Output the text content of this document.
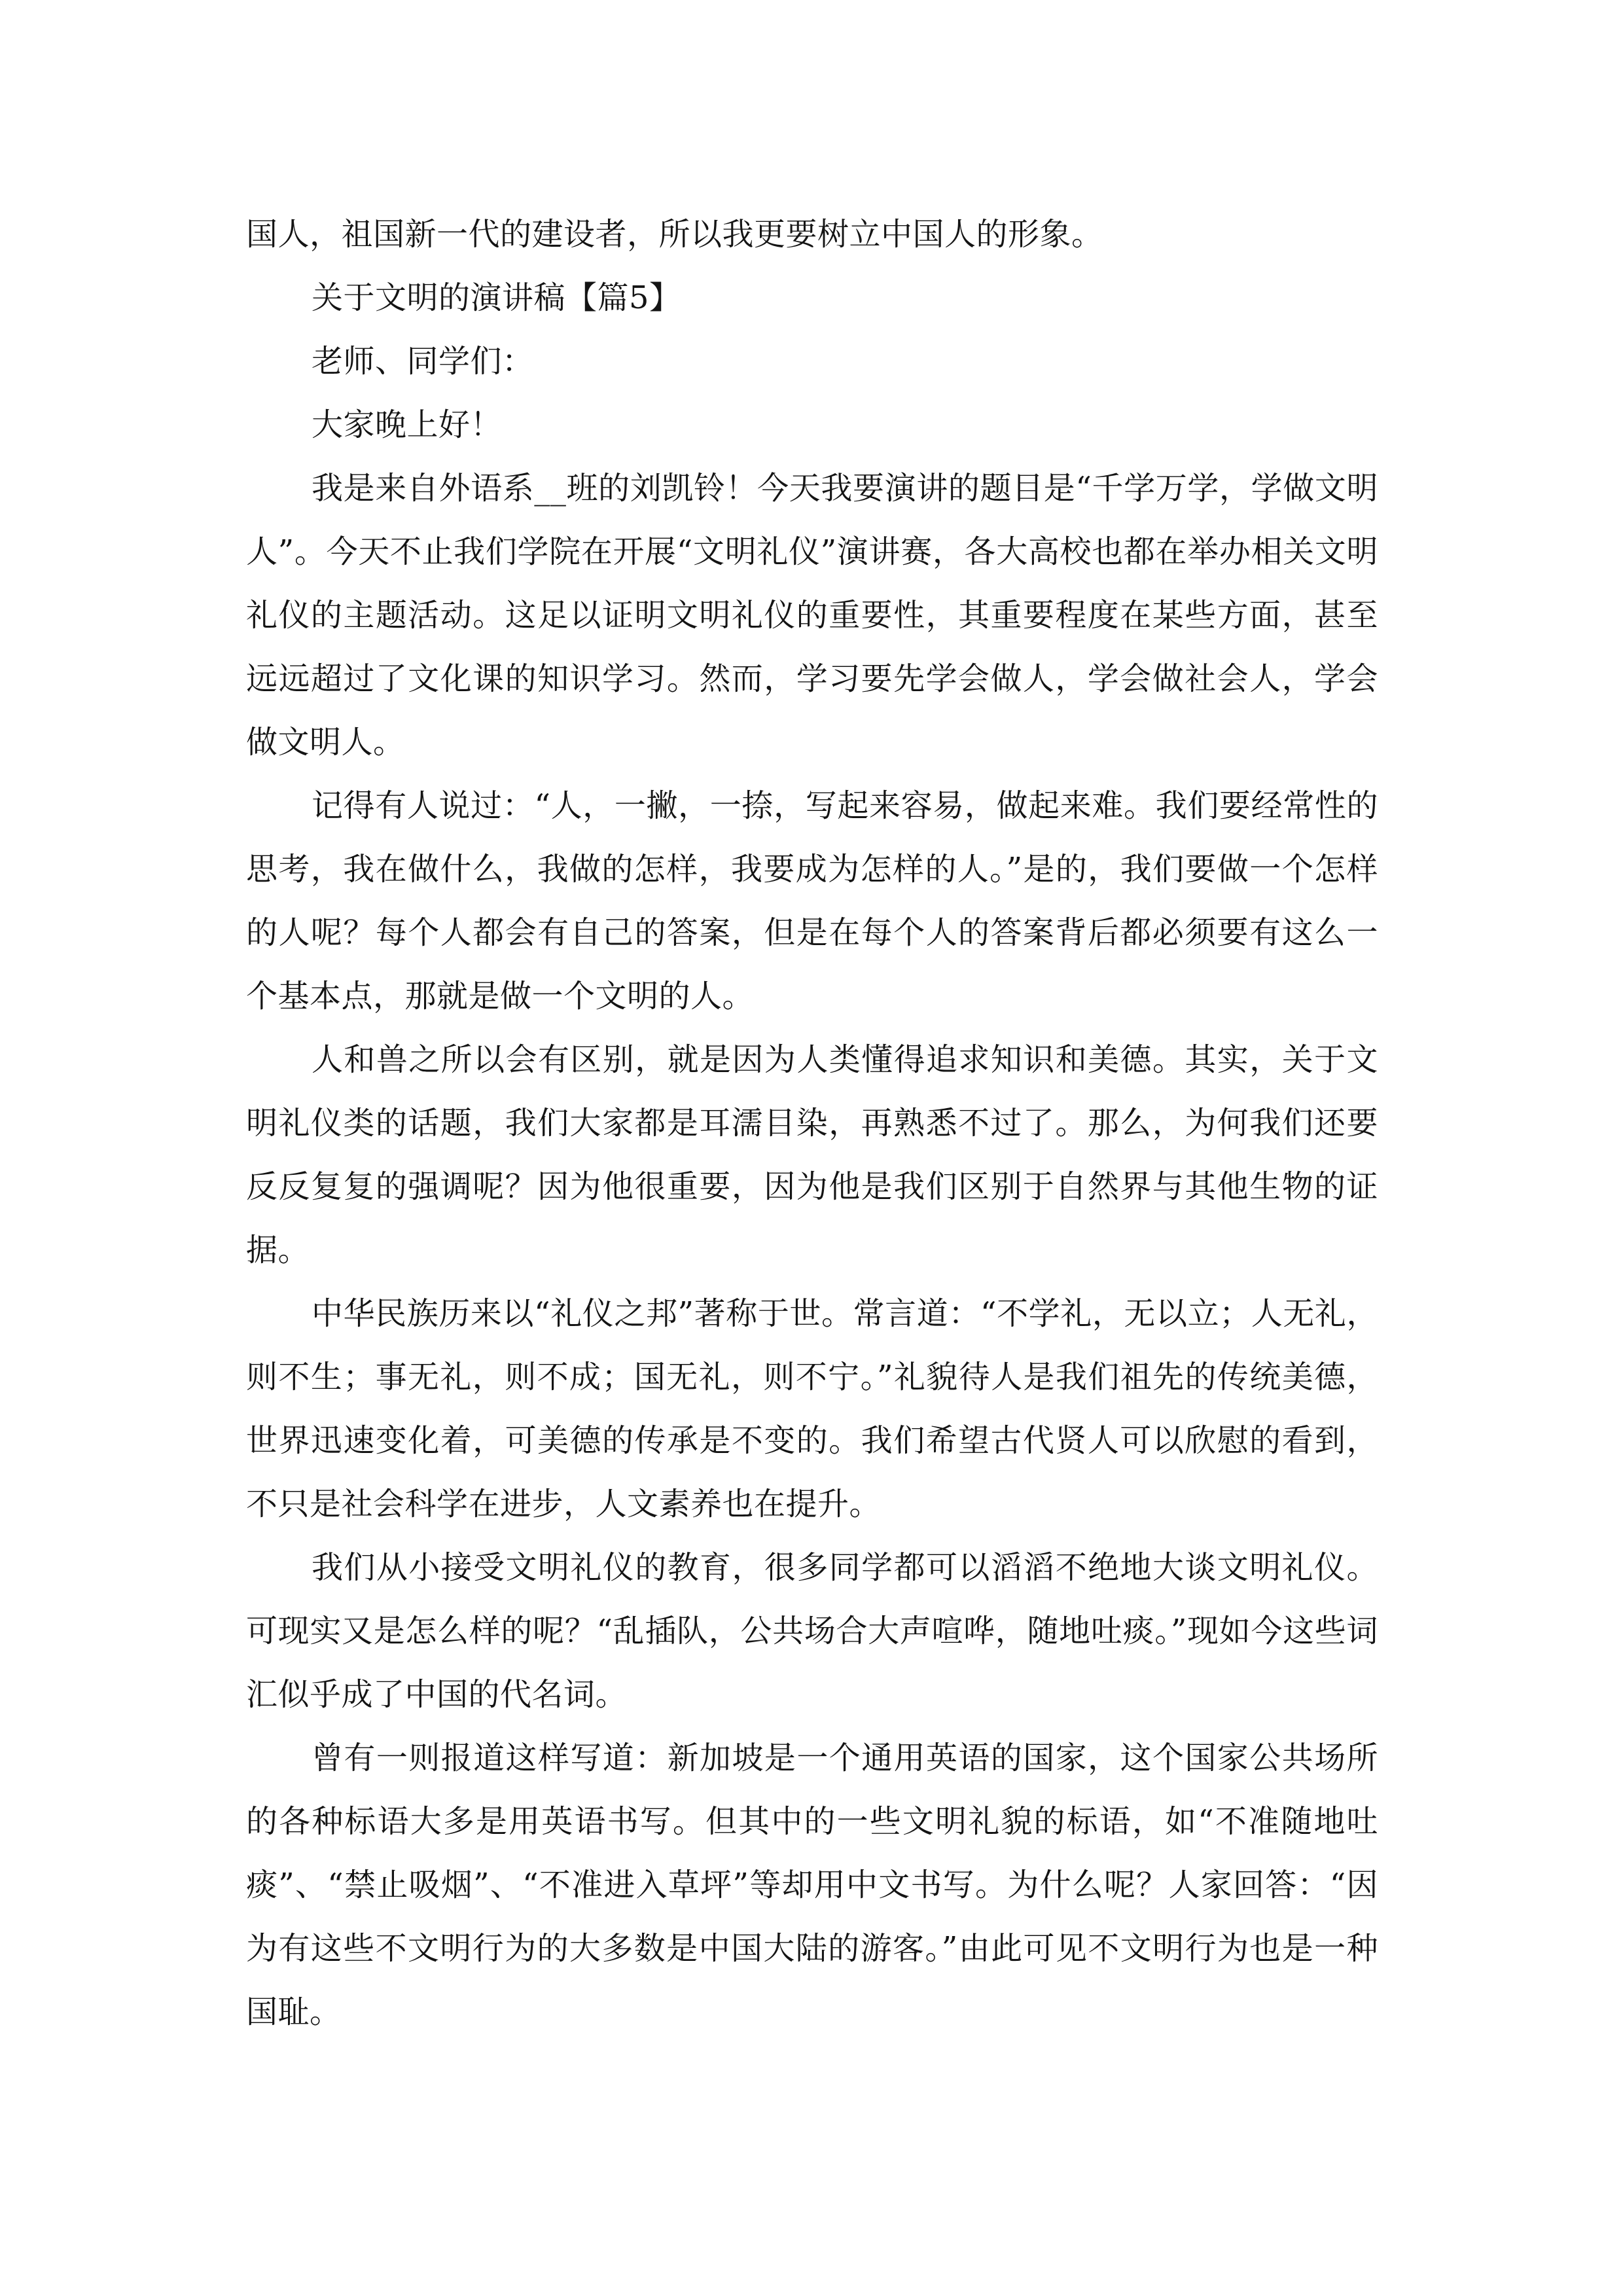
国人，祖国新一代的建设者，所以我更要树立中国人的形象。

关于文明的演讲稿【篇5】

老师、同学们：

大家晚上好！

我是来自外语系__班的刘凯铃！今天我要演讲的题目是“千学万学，学做文明人”。今天不止我们学院在开展“文明礼仪”演讲赛，各大高校也都在举办相关文明礼仪的主题活动。这足以证明文明礼仪的重要性，其重要程度在某些方面，甚至远远超过了文化课的知识学习。然而，学习要先学会做人，学会做社会人，学会做文明人。

记得有人说过：“人，一撇，一捺，写起来容易，做起来难。我们要经常性的思考，我在做什么，我做的怎样，我要成为怎样的人。”是的，我们要做一个怎样的人呢？每个人都会有自己的答案，但是在每个人的答案背后都必须要有这么一个基本点，那就是做一个文明的人。

人和兽之所以会有区别，就是因为人类懂得追求知识和美德。其实，关于文明礼仪类的话题，我们大家都是耳濡目染，再熟悉不过了。那么，为何我们还要反反复复的强调呢？因为他很重要，因为他是我们区别于自然界与其他生物的证据。

中华民族历来以“礼仪之邦”著称于世。常言道：“不学礼，无以立；人无礼，则不生；事无礼，则不成；国无礼，则不宁。”礼貌待人是我们祖先的传统美德，世界迅速变化着，可美德的传承是不变的。我们希望古代贤人可以欣慰的看到，不只是社会科学在进步，人文素养也在提升。

我们从小接受文明礼仪的教育，很多同学都可以滔滔不绝地大谈文明礼仪。可现实又是怎么样的呢？“乱插队，公共场合大声喧哗，随地吐痰。”现如今这些词汇似乎成了中国的代名词。

曾有一则报道这样写道：新加坡是一个通用英语的国家，这个国家公共场所的各种标语大多是用英语书写。但其中的一些文明礼貌的标语，如“不准随地吐痰”、“禁止吸烟”、“不准进入草坪”等却用中文书写。为什么呢？人家回答：“因为有这些不文明行为的大多数是中国大陆的游客。”由此可见不文明行为也是一种国耻。
